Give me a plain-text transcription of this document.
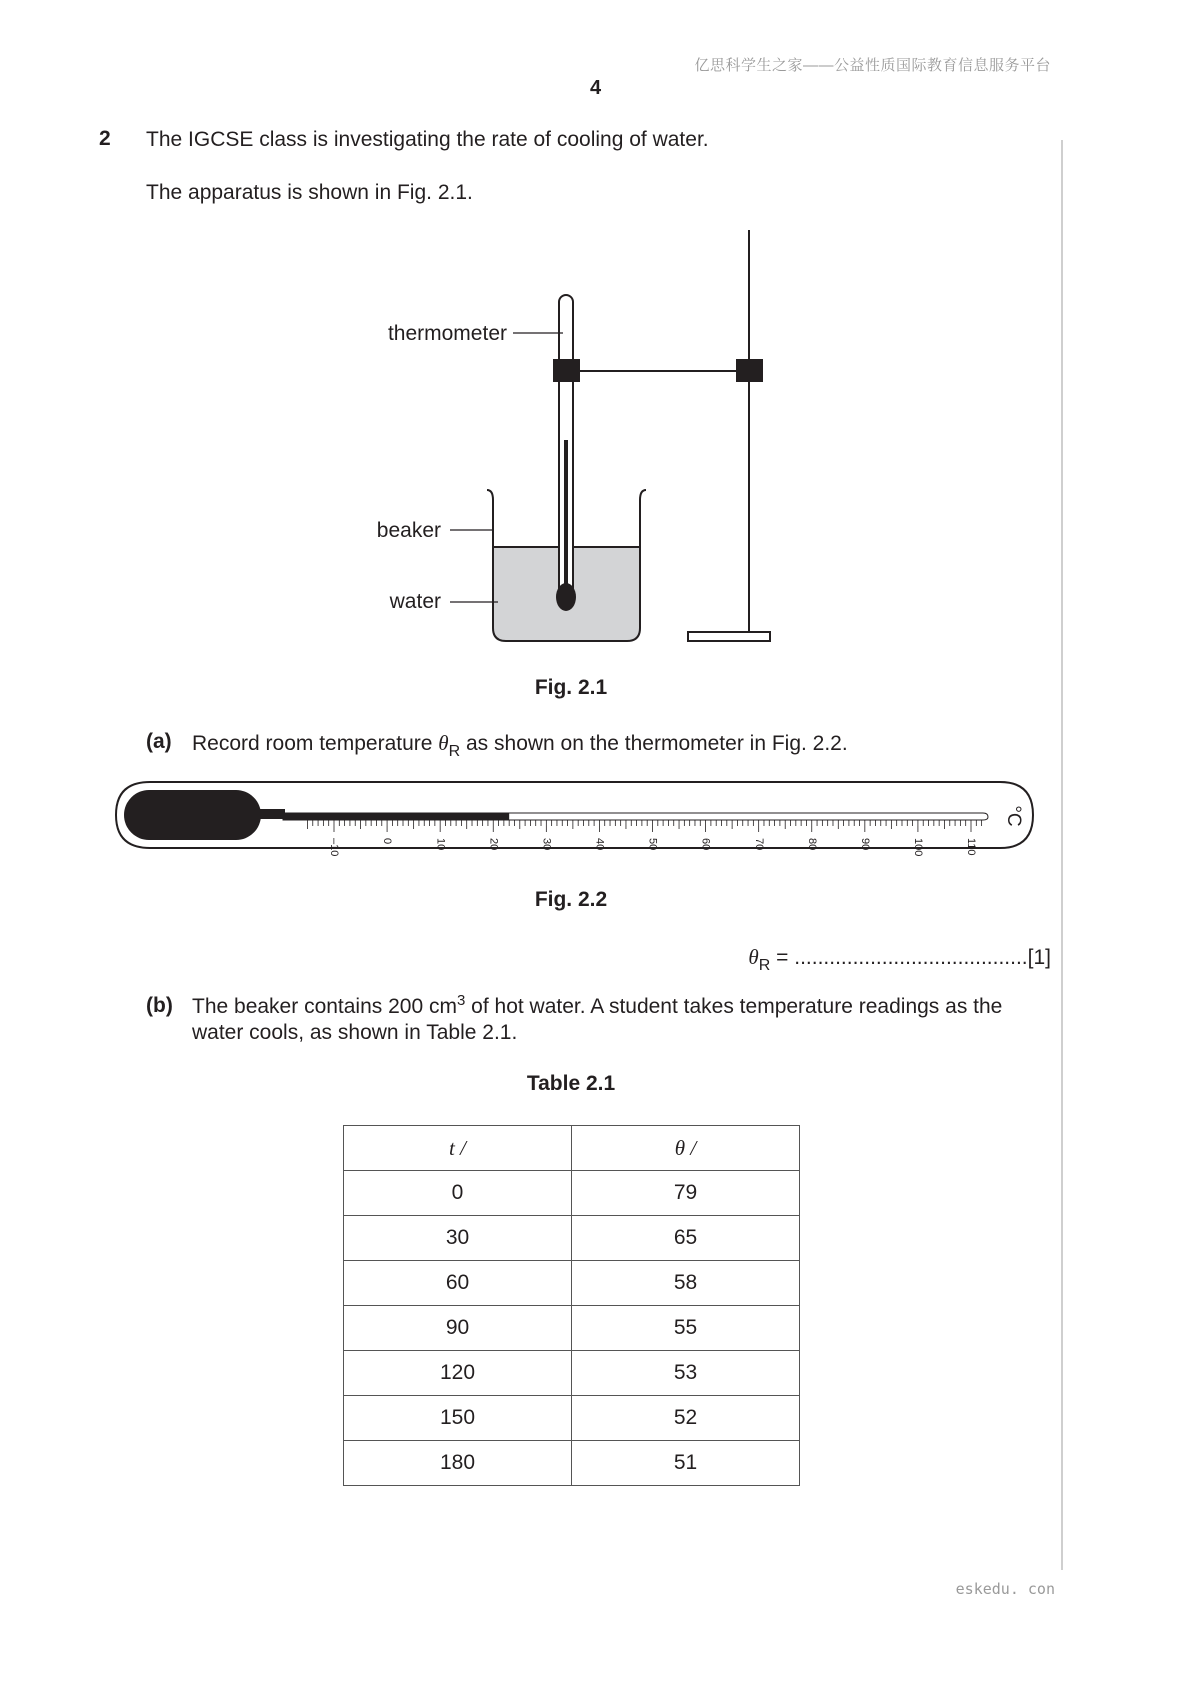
亿思科学生之家——公益性质国际教育信息服务平台
4
2 The IGCSE class is investigating the rate of cooling of water.
The apparatus is shown in Fig. 2.1.
thermometer
beaker
water
Fig. 2.1
(a) Record room temperature $\theta_R$ as shown on the thermometer in Fig. 2.2.
–10	0	10	20	30	40	50	60	70	80	90	100	110
°C
Fig. 2.2
$\theta_R = ........................................[1]$
(b) The beaker contains 200 $cm^3$ of hot water. A student takes temperature readings as the
water cools, as shown in Table 2.1.
Table 2.1
t /	θ /
0	79
30	65
60	58
90	55
120	53
150	52
180	51
eskedu. con
